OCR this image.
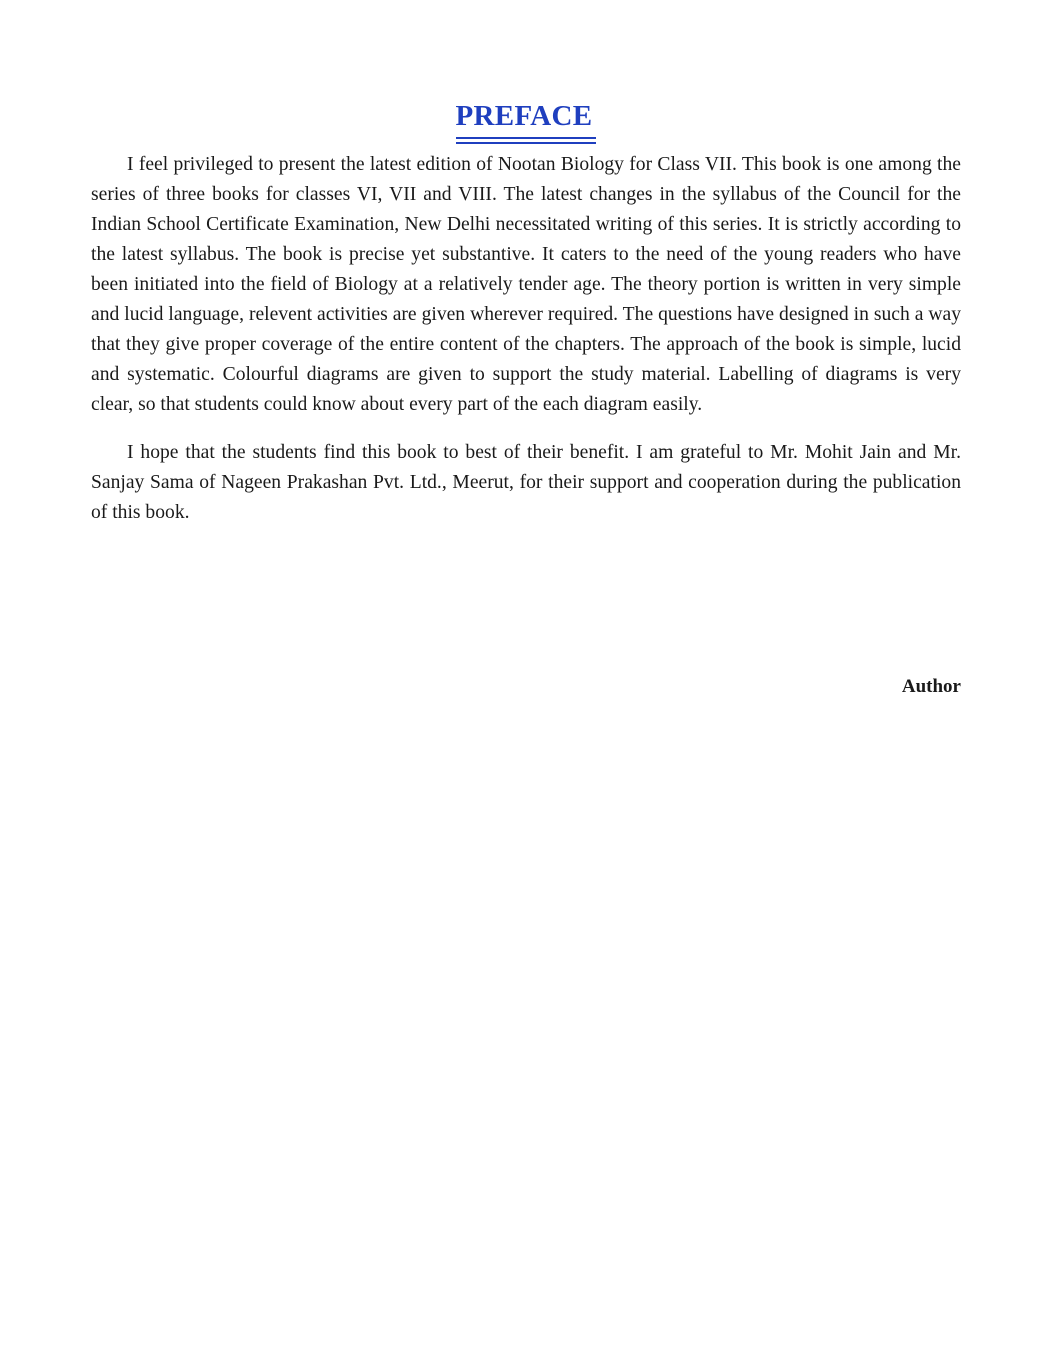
PREFACE

I feel privileged to present the latest edition of Nootan Biology for Class VII. This book is one among the series of three books for classes VI, VII and VIII. The latest changes in the syllabus of the Council for the Indian School Certificate Examination, New Delhi necessitated writing of this series. It is strictly according to the latest syllabus. The book is precise yet substantive. It caters to the need of the young readers who have been initiated into the field of Biology at a relatively tender age. The theory portion is written in very simple and lucid language, relevent activities are given wherever required. The questions have designed in such a way that they give proper coverage of the entire content of the chapters. The approach of the book is simple, lucid and systematic. Colourful diagrams are given to support the study material. Labelling of diagrams is very clear, so that students could know about every part of the each diagram easily.

I hope that the students find this book to best of their benefit. I am grateful to Mr. Mohit Jain and Mr. Sanjay Sama of Nageen Prakashan Pvt. Ltd., Meerut, for their support and cooperation during the publication of this book.

Author
